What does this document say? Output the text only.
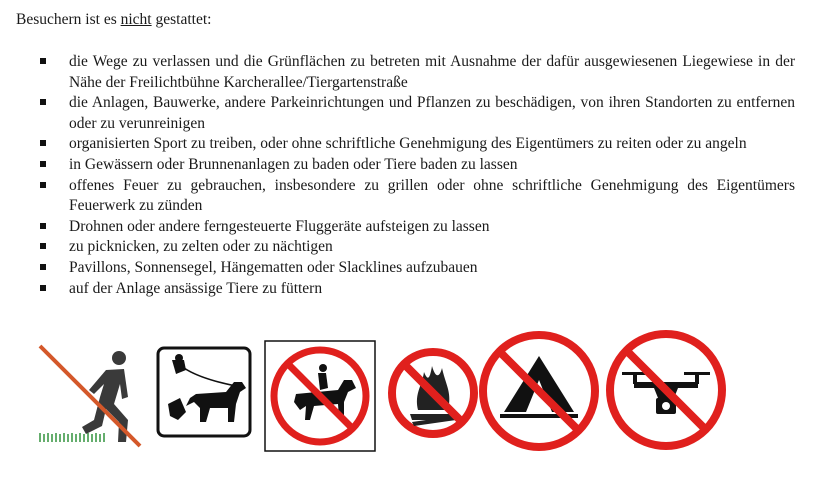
Besuchern ist es nicht gestattet:
die Wege zu verlassen und die Grünflächen zu betreten mit Ausnahme der dafür ausgewiesenen Liegewiese in der Nähe der Freilichtbühne Karcherallee/Tiergartenstraße
die Anlagen, Bauwerke, andere Parkeinrichtungen und Pflanzen zu beschädigen, von ihren Standorten zu entfernen oder zu verunreinigen
organisierten Sport zu treiben, oder ohne schriftliche Genehmigung des Eigentümers zu reiten oder zu angeln
in Gewässern oder Brunnenanlagen zu baden oder Tiere baden zu lassen
offenes Feuer zu gebrauchen, insbesondere zu grillen oder ohne schriftliche Genehmigung des Eigentümers Feuerwerk zu zünden
Drohnen oder andere ferngesteuerte Fluggeräte aufsteigen zu lassen
zu picknicken, zu zelten oder zu nächtigen
Pavillons, Sonnensegel, Hängematten oder Slacklines aufzubauen
auf der Anlage ansässige Tiere zu füttern
